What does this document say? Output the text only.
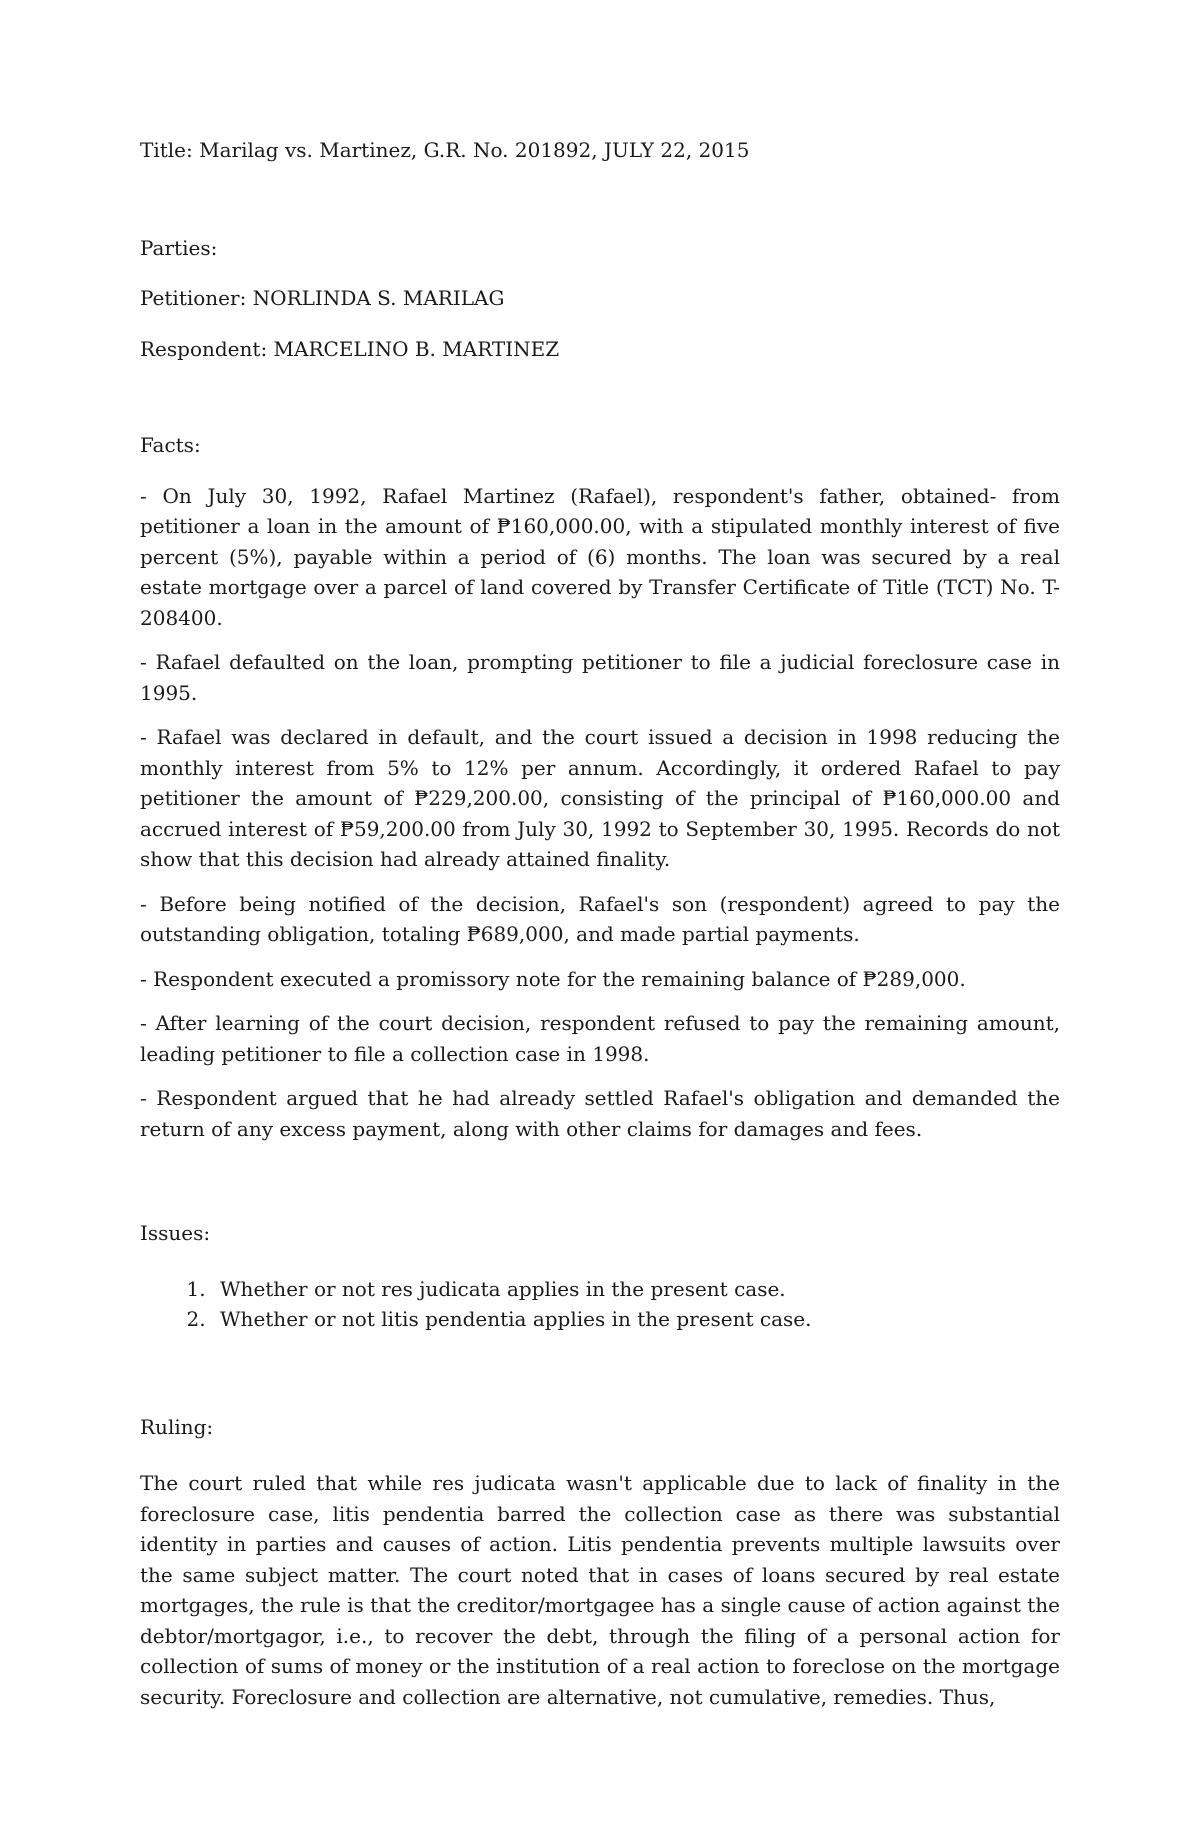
Title: Marilag vs. Martinez, G.R. No. 201892, JULY 22, 2015

Parties:

Petitioner: NORLINDA S. MARILAG

Respondent: MARCELINO B. MARTINEZ

Facts:

- On July 30, 1992, Rafael Martinez (Rafael), respondent's father, obtained- from petitioner a loan in the amount of ₱160,000.00, with a stipulated monthly interest of five percent (5%), payable within a period of (6) months. The loan was secured by a real estate mortgage over a parcel of land covered by Transfer Certificate of Title (TCT) No. T-208400.

- Rafael defaulted on the loan, prompting petitioner to file a judicial foreclosure case in 1995.

- Rafael was declared in default, and the court issued a decision in 1998 reducing the monthly interest from 5% to 12% per annum. Accordingly, it ordered Rafael to pay petitioner the amount of ₱229,200.00, consisting of the principal of ₱160,000.00 and accrued interest of ₱59,200.00 from July 30, 1992 to September 30, 1995. Records do not show that this decision had already attained finality.

- Before being notified of the decision, Rafael's son (respondent) agreed to pay the outstanding obligation, totaling ₱689,000, and made partial payments.

- Respondent executed a promissory note for the remaining balance of ₱289,000.

- After learning of the court decision, respondent refused to pay the remaining amount, leading petitioner to file a collection case in 1998.

- Respondent argued that he had already settled Rafael's obligation and demanded the return of any excess payment, along with other claims for damages and fees.

Issues:

1. Whether or not res judicata applies in the present case.
2. Whether or not litis pendentia applies in the present case.

Ruling:

The court ruled that while res judicata wasn't applicable due to lack of finality in the foreclosure case, litis pendentia barred the collection case as there was substantial identity in parties and causes of action. Litis pendentia prevents multiple lawsuits over the same subject matter. The court noted that in cases of loans secured by real estate mortgages, the rule is that the creditor/mortgagee has a single cause of action against the debtor/mortgagor, i.e., to recover the debt, through the filing of a personal action for collection of sums of money or the institution of a real action to foreclose on the mortgage security. Foreclosure and collection are alternative, not cumulative, remedies. Thus,
